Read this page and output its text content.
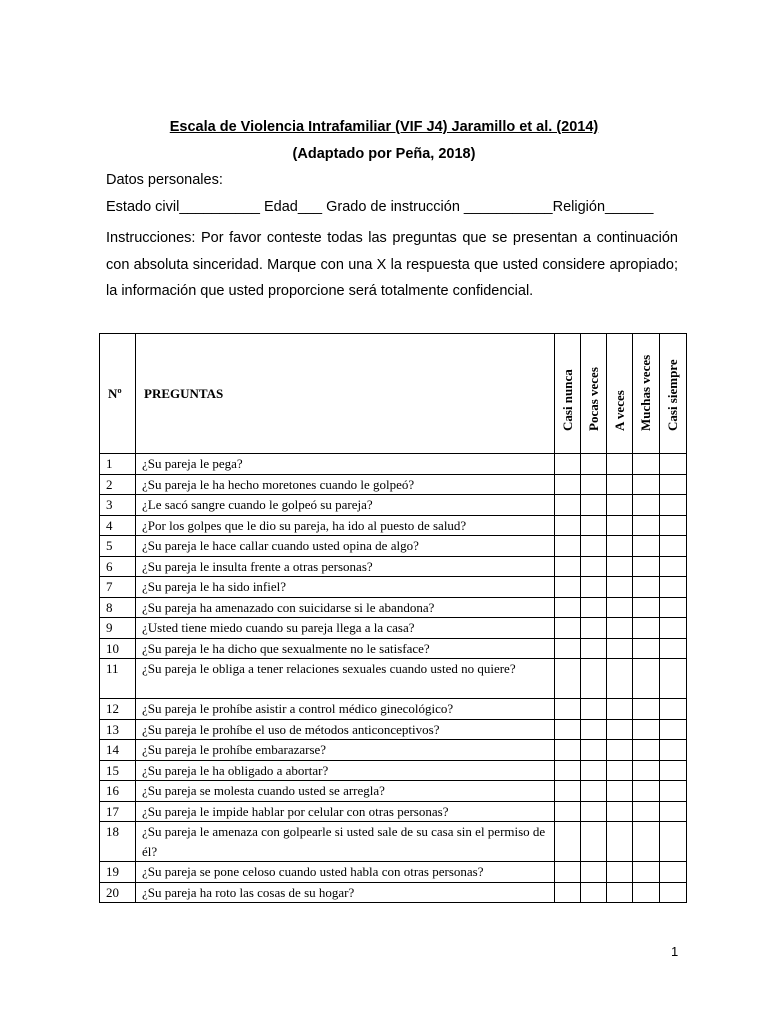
Escala de Violencia Intrafamiliar (VIF J4) Jaramillo et al. (2014)
(Adaptado por Peña, 2018)
Datos personales:
Estado civil__________ Edad___ Grado de instrucción ___________Religión______
Instrucciones: Por favor conteste todas las preguntas que se presentan a continuación con absoluta sinceridad. Marque con una X la respuesta que usted considere apropiado; la información que usted proporcione será totalmente confidencial.
Nº	PREGUNTAS	Casi nunca	Pocas veces	A veces	Muchas veces	Casi siempre

1	¿Su pareja le pega?					
2	¿Su pareja le ha hecho moretones cuando le golpeó?					
3	¿Le sacó sangre cuando le golpeó su pareja?					
4	¿Por los golpes que le dio su pareja, ha ido al puesto de salud?					
5	¿Su pareja le hace callar cuando usted opina de algo?					
6	¿Su pareja le insulta frente a otras personas?					
7	¿Su pareja le ha sido infiel?					
8	¿Su pareja ha amenazado con suicidarse si le abandona?					
9	¿Usted tiene miedo cuando su pareja llega a la casa?					
10	¿Su pareja le ha dicho que sexualmente no le satisface?					
11	¿Su pareja le obliga a tener relaciones sexuales cuando usted no quiere?					
12	¿Su pareja le prohíbe asistir a control médico ginecológico?					
13	¿Su pareja le prohíbe el uso de métodos anticonceptivos?					
14	¿Su pareja le prohíbe embarazarse?					
15	¿Su pareja le ha obligado a abortar?					
16	¿Su pareja se molesta cuando usted se arregla?					
17	¿Su pareja le impide hablar por celular con otras personas?					
18	¿Su pareja le amenaza con golpearle si usted sale de su casa sin el permiso de él?					
19	¿Su pareja se pone celoso cuando usted habla con otras personas?					
20	¿Su pareja ha roto las cosas de su hogar?					
1
